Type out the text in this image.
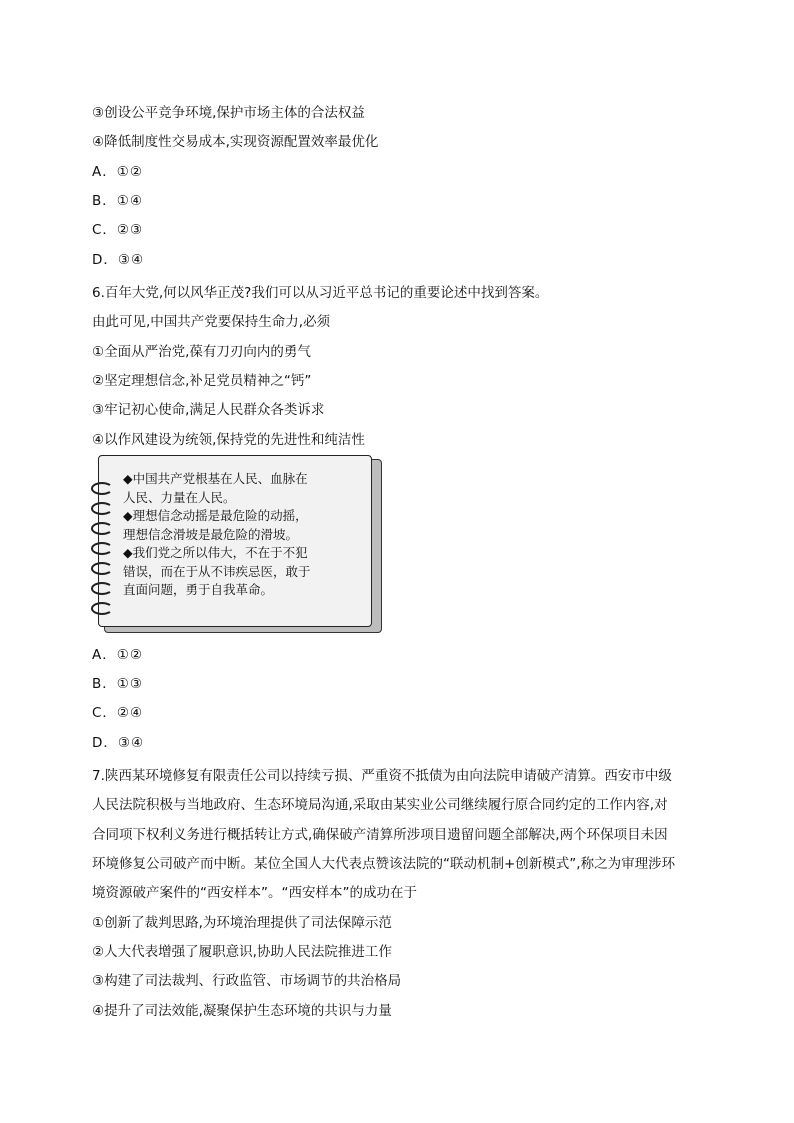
③创设公平竞争环境,保护市场主体的合法权益
④降低制度性交易成本,实现资源配置效率最优化
A．①②
B．①④
C．②③
D．③④
6.百年大党,何以风华正茂?我们可以从习近平总书记的重要论述中找到答案。
由此可见,中国共产党要保持生命力,必须
①全面从严治党,葆有刀刃向内的勇气
②坚定理想信念,补足党员精神之“钙”
③牢记初心使命,满足人民群众各类诉求
④以作风建设为统领,保持党的先进性和纯洁性

◆中国共产党根基在人民、血脉在

人民、力量在人民。

◆理想信念动摇是最危险的动摇，

理想信念滑坡是最危险的滑坡。

◆我们党之所以伟大，不在于不犯

错误，而在于从不讳疾忌医，敢于

直面问题，勇于自我革命。

A．①②
B．①③
C．②④
D．③④
7.陕西某环境修复有限责任公司以持续亏损、严重资不抵债为由向法院申请破产清算。西安市中级
人民法院积极与当地政府、生态环境局沟通,采取由某实业公司继续履行原合同约定的工作内容,对
合同项下权利义务进行概括转让方式,确保破产清算所涉项目遗留问题全部解决,两个环保项目未因
环境修复公司破产而中断。某位全国人大代表点赞该法院的“联动机制+创新模式”,称之为审理涉环
境资源破产案件的“西安样本”。“西安样本”的成功在于
①创新了裁判思路,为环境治理提供了司法保障示范
②人大代表增强了履职意识,协助人民法院推进工作
③构建了司法裁判、行政监管、市场调节的共治格局
④提升了司法效能,凝聚保护生态环境的共识与力量
